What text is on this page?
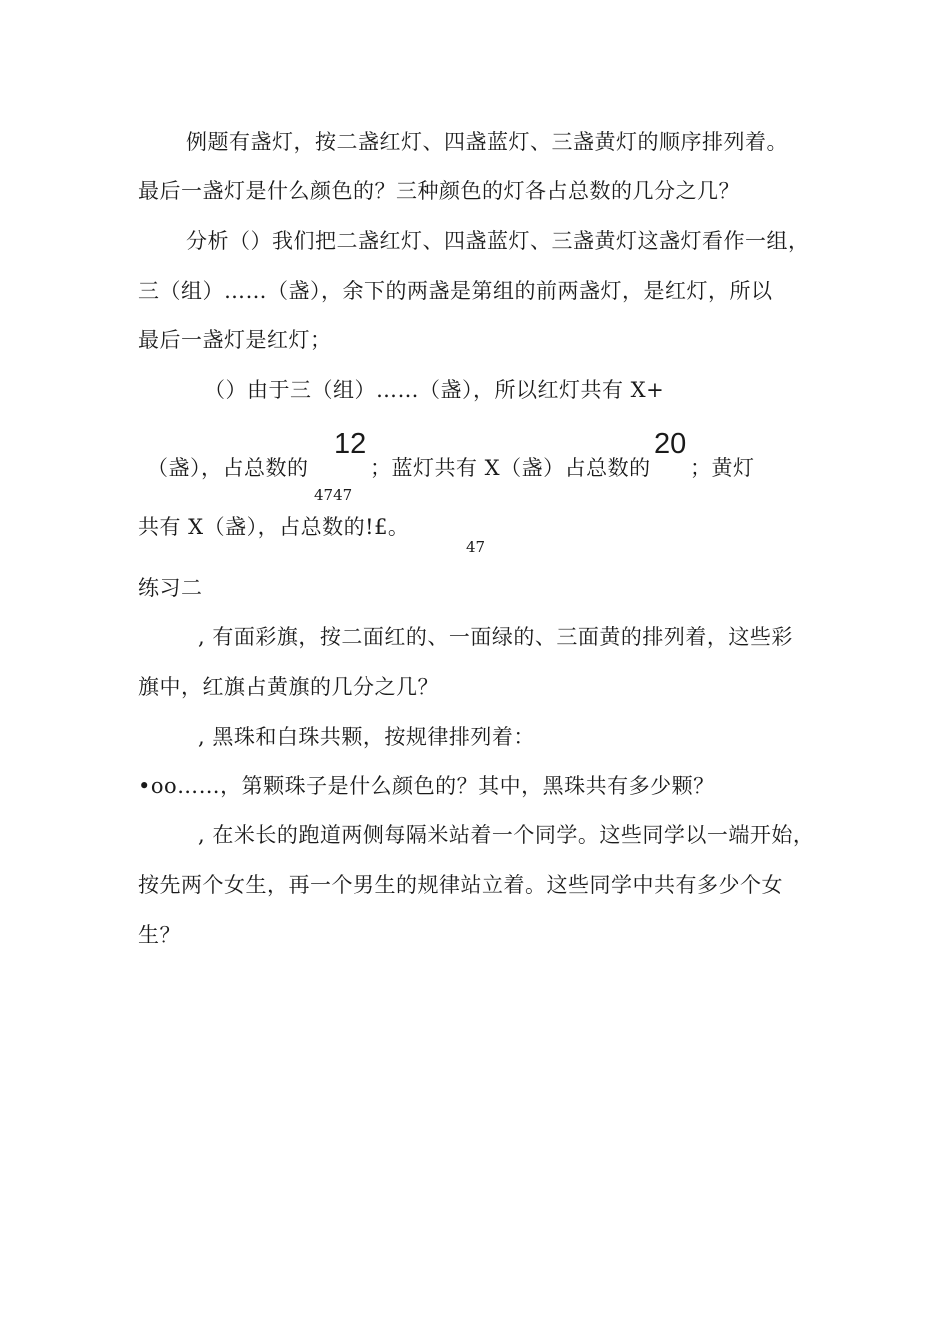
例题有盏灯，按二盏红灯、四盏蓝灯、三盏黄灯的顺序排列着。
最后一盏灯是什么颜色的？三种颜色的灯各占总数的几分之几？
分析（）我们把二盏红灯、四盏蓝灯、三盏黄灯这盏灯看作一组，
三（组）……（盏），余下的两盏是第组的前两盏灯，是红灯，所以
最后一盏灯是红灯；
（）由于三（组）……（盏），所以红灯共有 X+
（盏），占总数的
12
；蓝灯共有 X（盏）占总数的
20
；黄灯
4747
共有 X（盏），占总数的!£。
47
练习二
, 有面彩旗，按二面红的、一面绿的、三面黄的排列着，这些彩
旗中，红旗占黄旗的几分之几？
, 黑珠和白珠共颗，按规律排列着：
•oo……，第颗珠子是什么颜色的？其中，黑珠共有多少颗？
, 在米长的跑道两侧每隔米站着一个同学。这些同学以一端开始，
按先两个女生，再一个男生的规律站立着。这些同学中共有多少个女
生？
